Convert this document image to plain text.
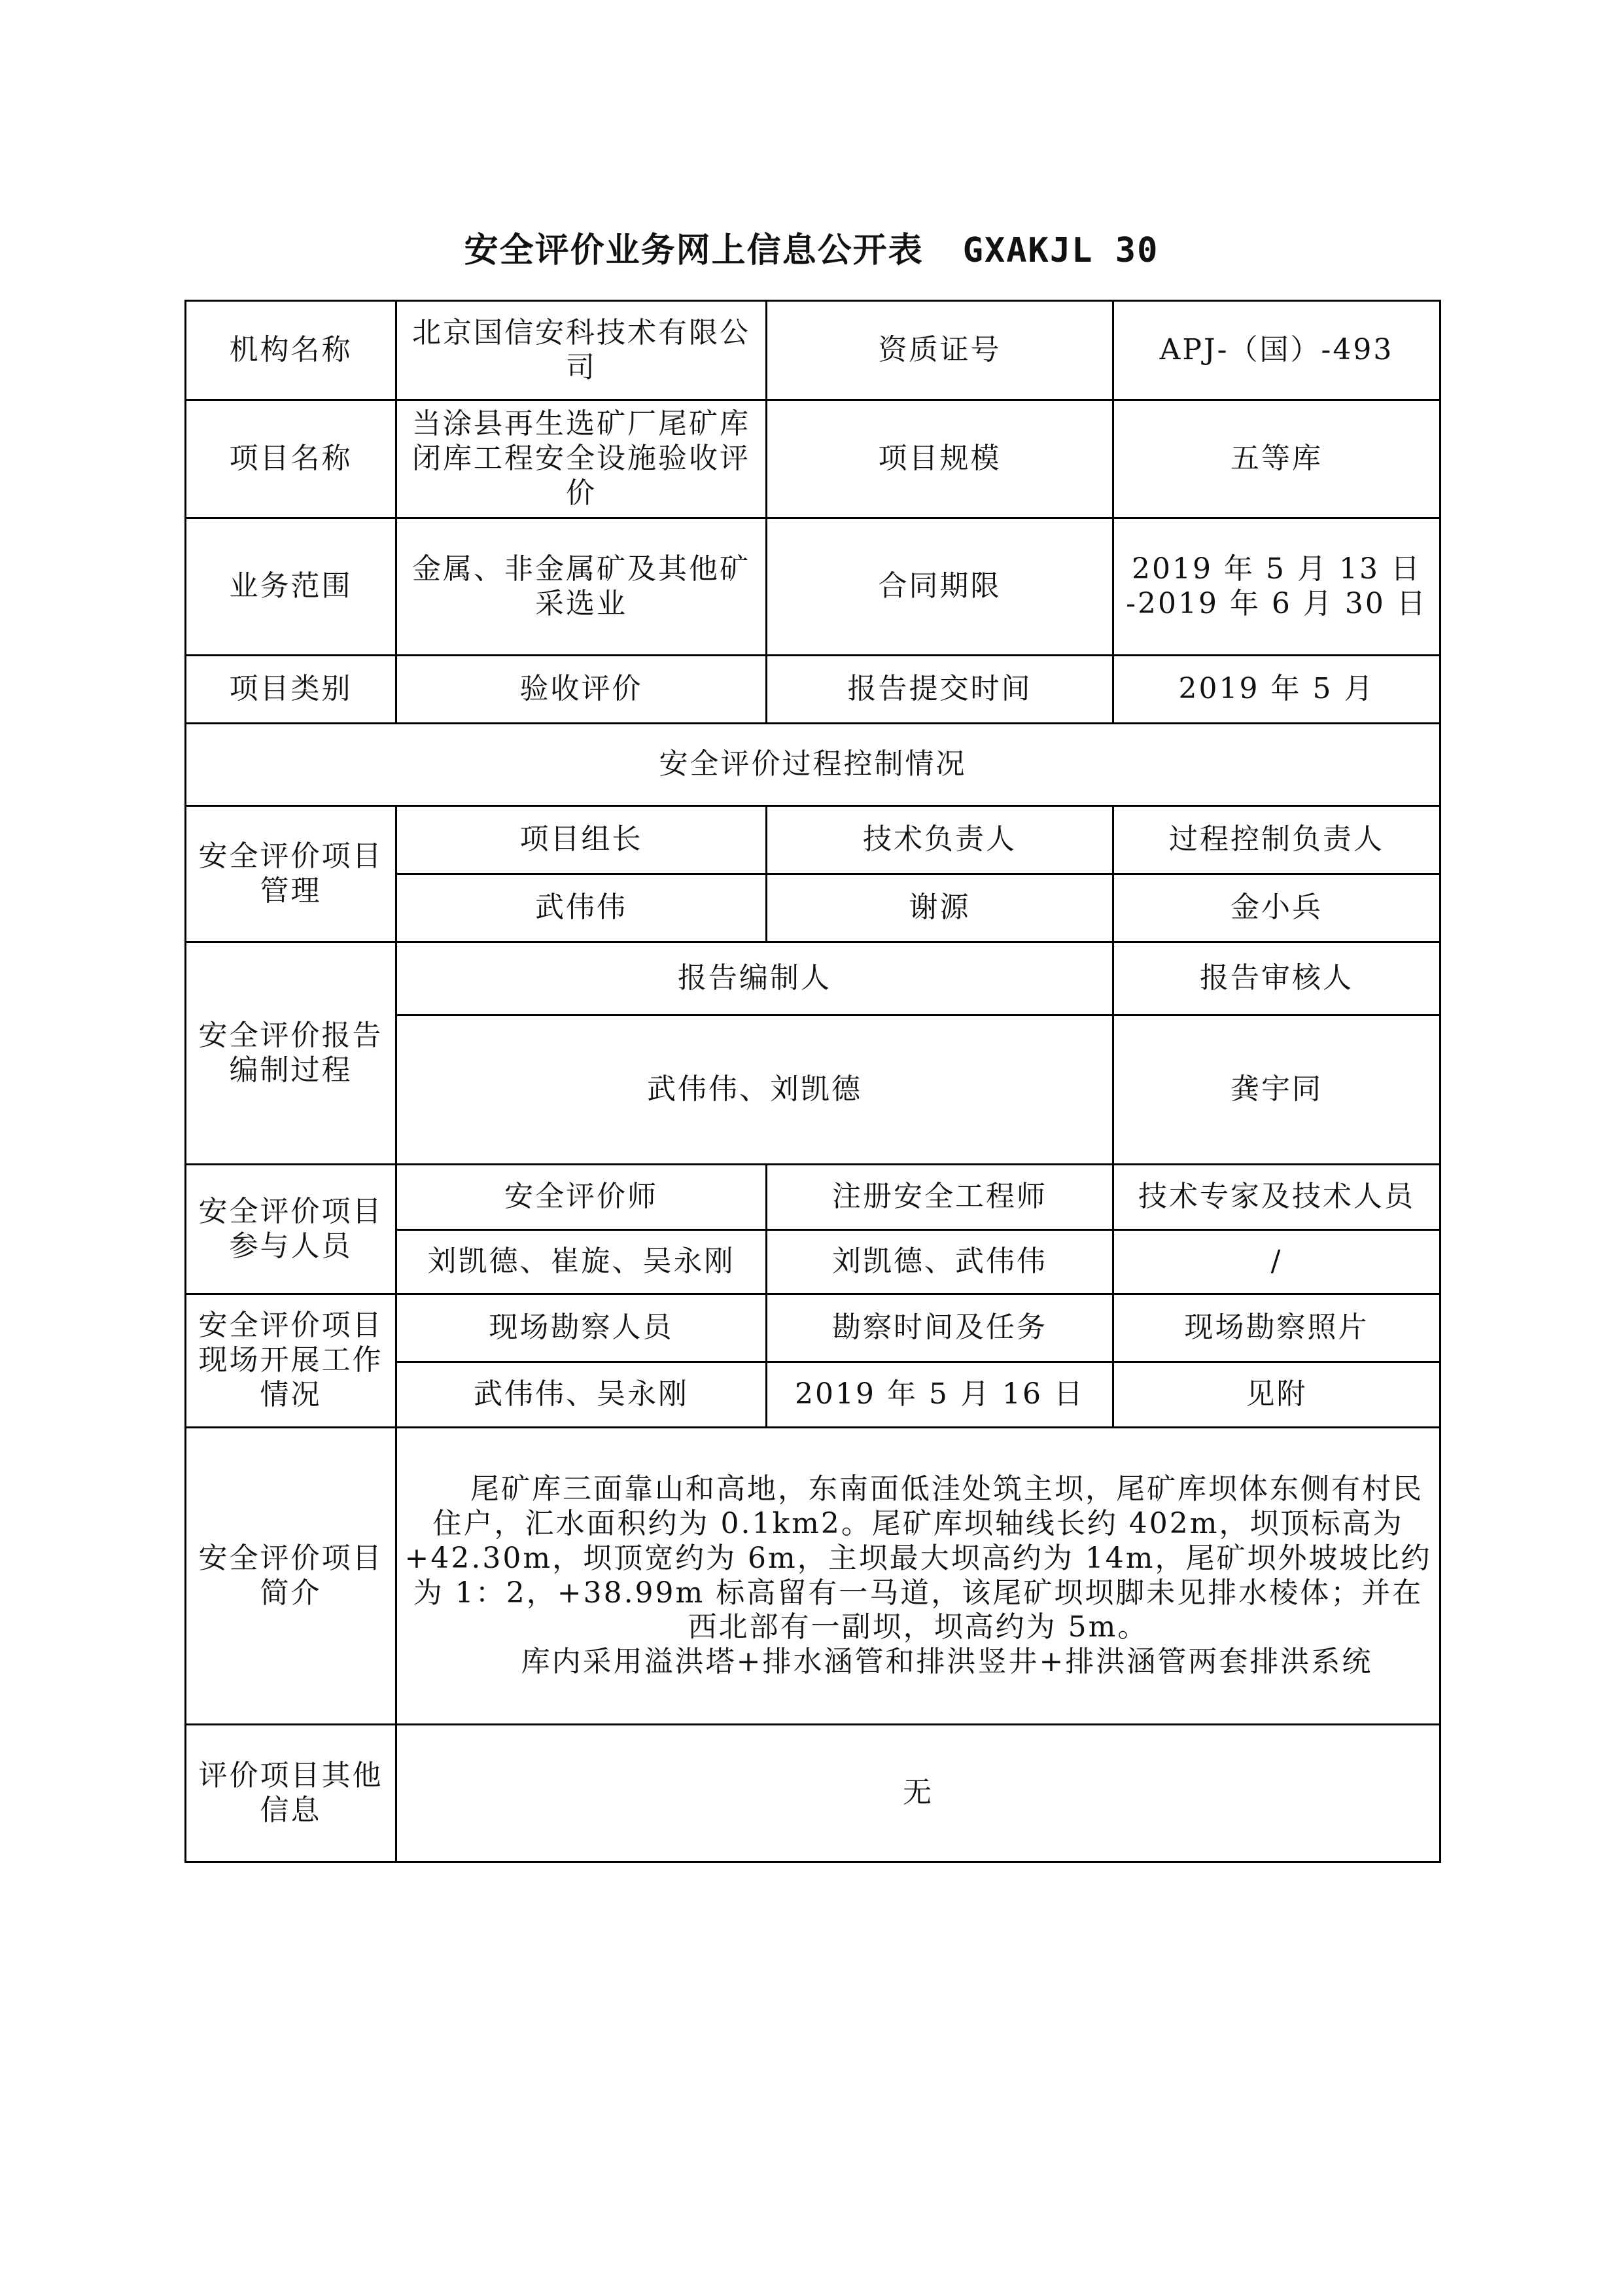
安全评价业务网上信息公开表 GXAKJL 30
机构名称	北京国信安科技术有限公司	资质证号	APJ-（国）-493
项目名称	当涂县再生选矿厂尾矿库闭库工程安全设施验收评价	项目规模	五等库
业务范围	金属、非金属矿及其他矿采选业	合同期限	2019 年 5 月 13 日
-2019 年 6 月 30 日

项目类别	验收评价	报告提交时间	2019 年 5 月
安全评价过程控制情况			
安全评价项目管理	项目组长	技术负责人	过程控制负责人
	武伟伟	谢源	金小兵
安全评价报告编制过程	报告编制人		报告审核人
	武伟伟、刘凯德		龚宇同
安全评价项目参与人员	安全评价师	注册安全工程师	技术专家及技术人员
	刘凯德、崔旋、吴永刚	刘凯德、武伟伟	/
安全评价项目现场开展工作情况	现场勘察人员	勘察时间及任务	现场勘察照片
	武伟伟、吴永刚	2019 年 5 月 16 日	见附
安全评价项目简介	尾矿库三面靠山和高地，东南面低洼处筑主坝，尾矿库坝体东侧有村民住户，汇水面积约为 0.1km2。尾矿库坝轴线长约 402m，坝顶标高为+42.30m，坝顶宽约为 6m，主坝最大坝高约为 14m，尾矿坝外坡坡比约为 1：2，+38.99m 标高留有一马道，该尾矿坝坝脚未见排水棱体；并在西北部有一副坝，坝高约为 5m。

库内采用溢洪塔+排水涵管和排洪竖井+排洪涵管两套排洪系统		

评价项目其他信息	无		
